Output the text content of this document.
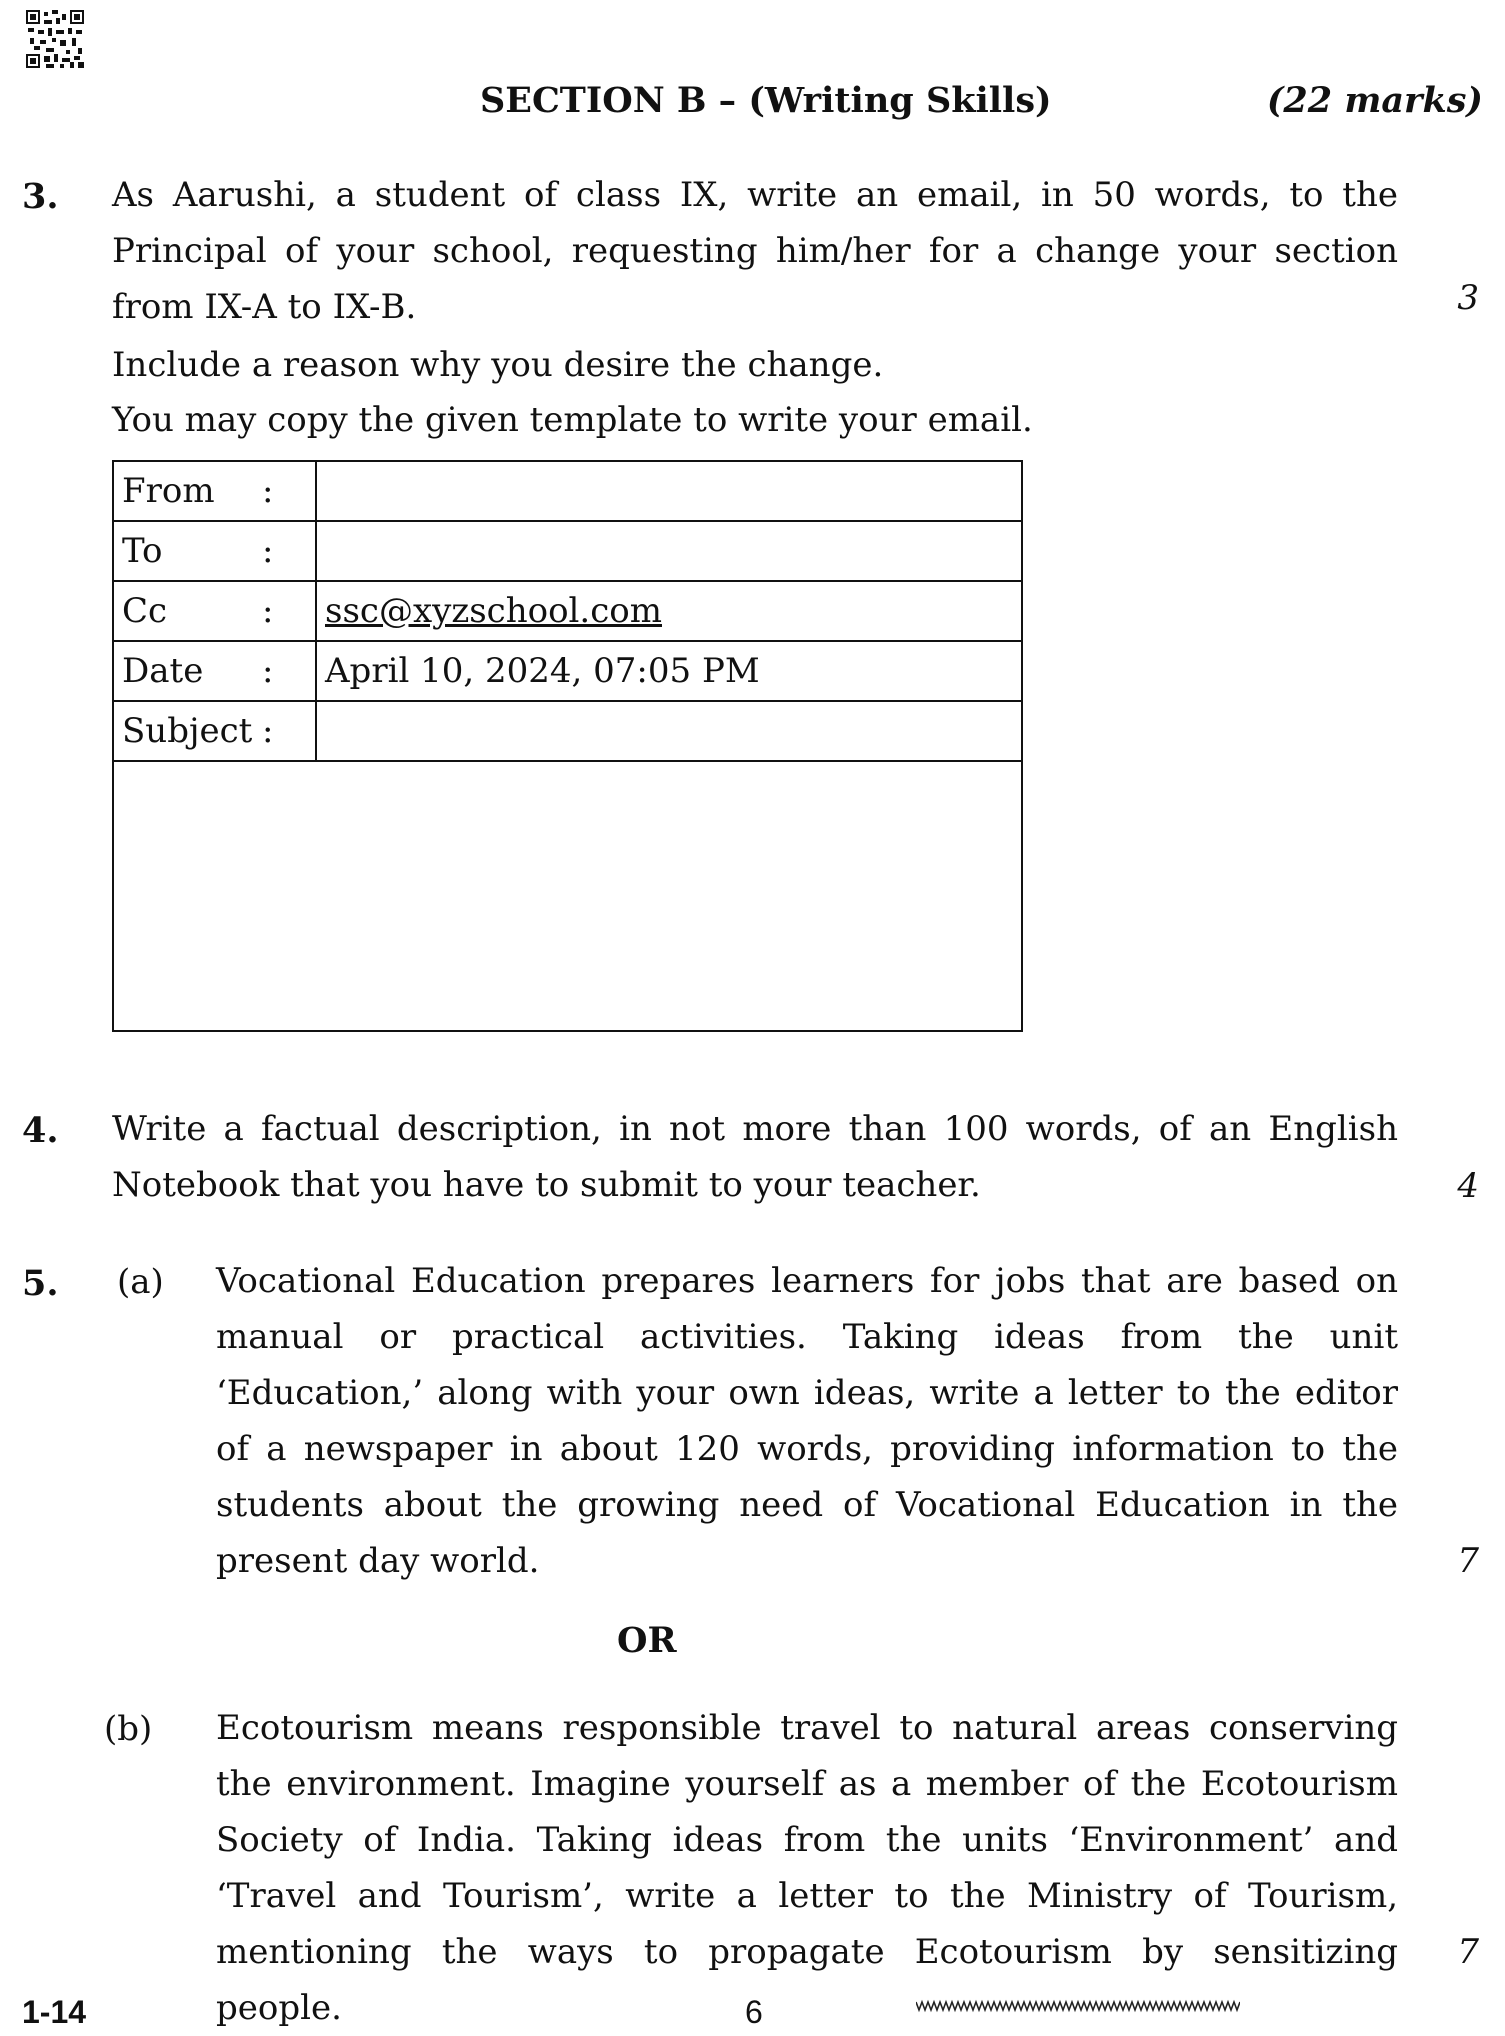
SECTION B – (Writing Skills)	(22 marks)
3. As Aarushi, a student of class IX, write an email, in 50 words, to the Principal of your school, requesting him/her for a change your section from IX-A to IX-B.	3
Include a reason why you desire the change.
You may copy the given template to write your email.
From :	

To :	

Cc :	ssc@xyzschool.com
Date :	April 10, 2024, 07:05 PM
Subject :	

4. Write a factual description, in not more than 100 words, of an English Notebook that you have to submit to your teacher.	4
5. (a) Vocational Education prepares learners for jobs that are based on manual or practical activities. Taking ideas from the unit ‘Education,’ along with your own ideas, write a letter to the editor of a newspaper in about 120 words, providing information to the students about the growing need of Vocational Education in the present day world.	7
OR
(b) Ecotourism means responsible travel to natural areas conserving the environment. Imagine yourself as a member of the Ecotourism Society of India. Taking ideas from the units ‘Environment’ and ‘Travel and Tourism’, write a letter to the Ministry of Tourism, mentioning the ways to propagate Ecotourism by sensitizing people.
7
1-14	6
